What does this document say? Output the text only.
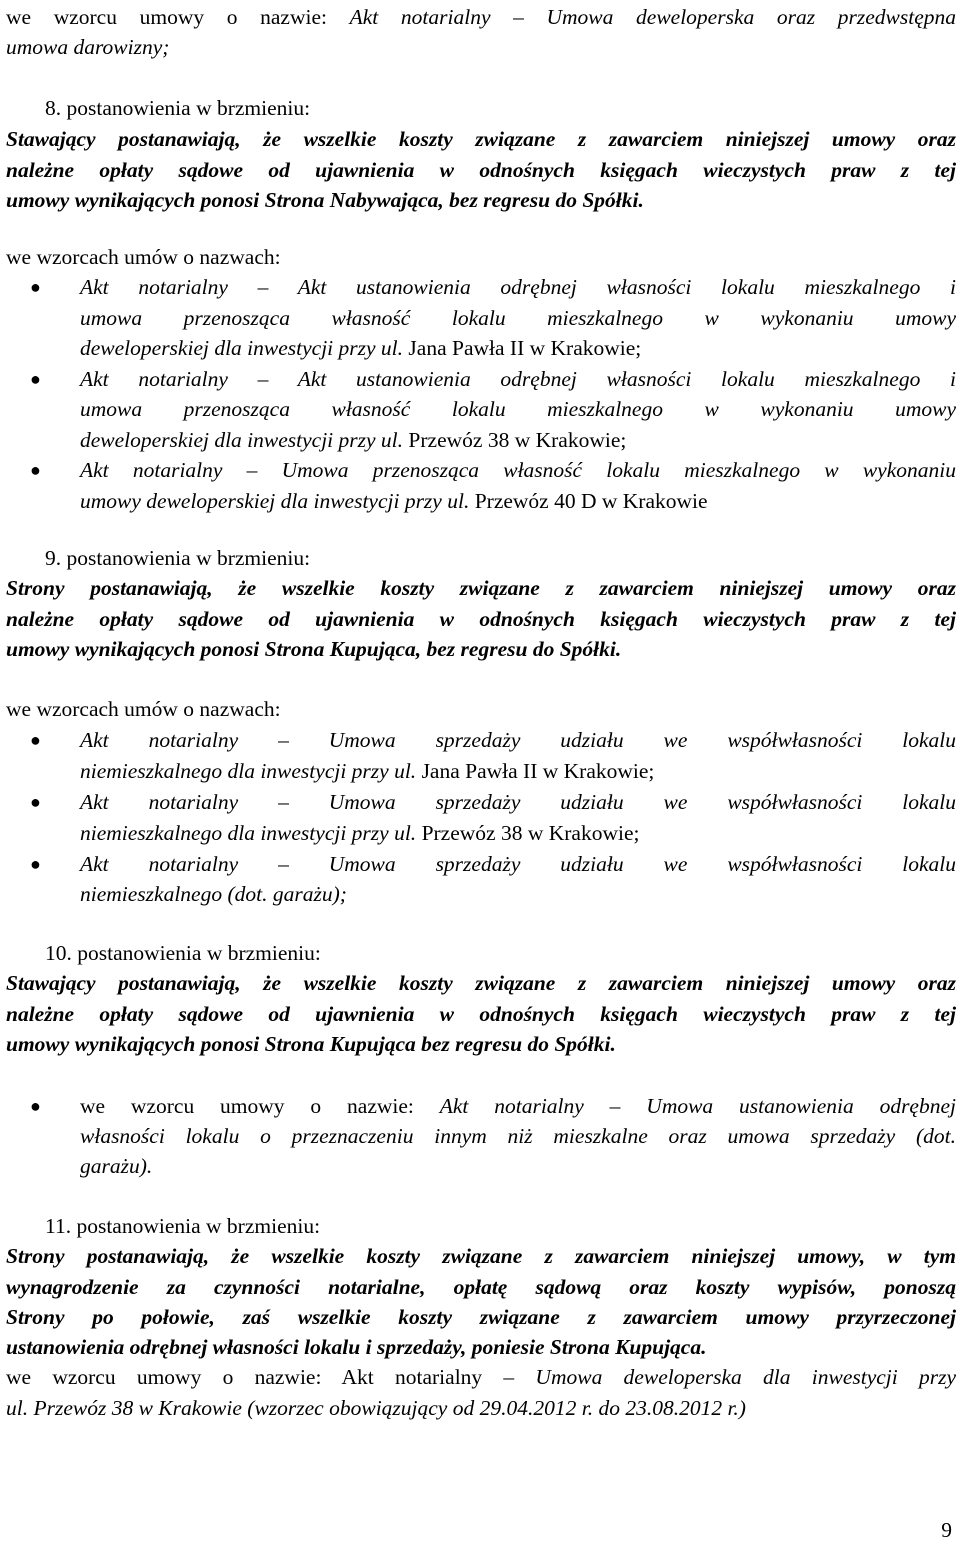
we wzorcu umowy o nazwie: Akt notarialny – Umowa deweloperska oraz przedwstępna
umowa darowizny;
8. postanowienia w brzmieniu:
Stawający postanawiają, że wszelkie koszty związane z zawarciem niniejszej umowy oraz
należne opłaty sądowe od ujawnienia w odnośnych księgach wieczystych praw z tej
umowy wynikających ponosi Strona Nabywająca, bez regresu do Spółki.
we wzorcach umów o nazwach:
● Akt notarialny – Akt ustanowienia odrębnej własności lokalu mieszkalnego i
umowa przenosząca własność lokalu mieszkalnego w wykonaniu umowy
deweloperskiej dla inwestycji przy ul. Jana Pawła II w Krakowie;
● Akt notarialny – Akt ustanowienia odrębnej własności lokalu mieszkalnego i
umowa przenosząca własność lokalu mieszkalnego w wykonaniu umowy
deweloperskiej dla inwestycji przy ul. Przewóz 38 w Krakowie;
● Akt notarialny – Umowa przenosząca własność lokalu mieszkalnego w wykonaniu
umowy deweloperskiej dla inwestycji przy ul. Przewóz 40 D w Krakowie
9. postanowienia w brzmieniu:
Strony postanawiają, że wszelkie koszty związane z zawarciem niniejszej umowy oraz
należne opłaty sądowe od ujawnienia w odnośnych księgach wieczystych praw z tej
umowy wynikających ponosi Strona Kupująca, bez regresu do Spółki.
we wzorcach umów o nazwach:
● Akt notarialny – Umowa sprzedaży udziału we współwłasności lokalu
niemieszkalnego dla inwestycji przy ul. Jana Pawła II w Krakowie;
● Akt notarialny – Umowa sprzedaży udziału we współwłasności lokalu
niemieszkalnego dla inwestycji przy ul. Przewóz 38 w Krakowie;
● Akt notarialny – Umowa sprzedaży udziału we współwłasności lokalu
niemieszkalnego (dot. garażu);
10. postanowienia w brzmieniu:
Stawający postanawiają, że wszelkie koszty związane z zawarciem niniejszej umowy oraz
należne opłaty sądowe od ujawnienia w odnośnych księgach wieczystych praw z tej
umowy wynikających ponosi Strona Kupująca bez regresu do Spółki.
● we wzorcu umowy o nazwie: Akt notarialny – Umowa ustanowienia odrębnej
własności lokalu o przeznaczeniu innym niż mieszkalne oraz umowa sprzedaży (dot.
garażu).
11. postanowienia w brzmieniu:
Strony postanawiają, że wszelkie koszty związane z zawarciem niniejszej umowy, w tym
wynagrodzenie za czynności notarialne, opłatę sądową oraz koszty wypisów, ponoszą
Strony po połowie, zaś wszelkie koszty związane z zawarciem umowy przyrzeczonej
ustanowienia odrębnej własności lokalu i sprzedaży, poniesie Strona Kupująca.
we wzorcu umowy o nazwie: Akt notarialny – Umowa deweloperska dla inwestycji przy
ul. Przewóz 38 w Krakowie (wzorzec obowiązujący od 29.04.2012 r. do 23.08.2012 r.)
9
